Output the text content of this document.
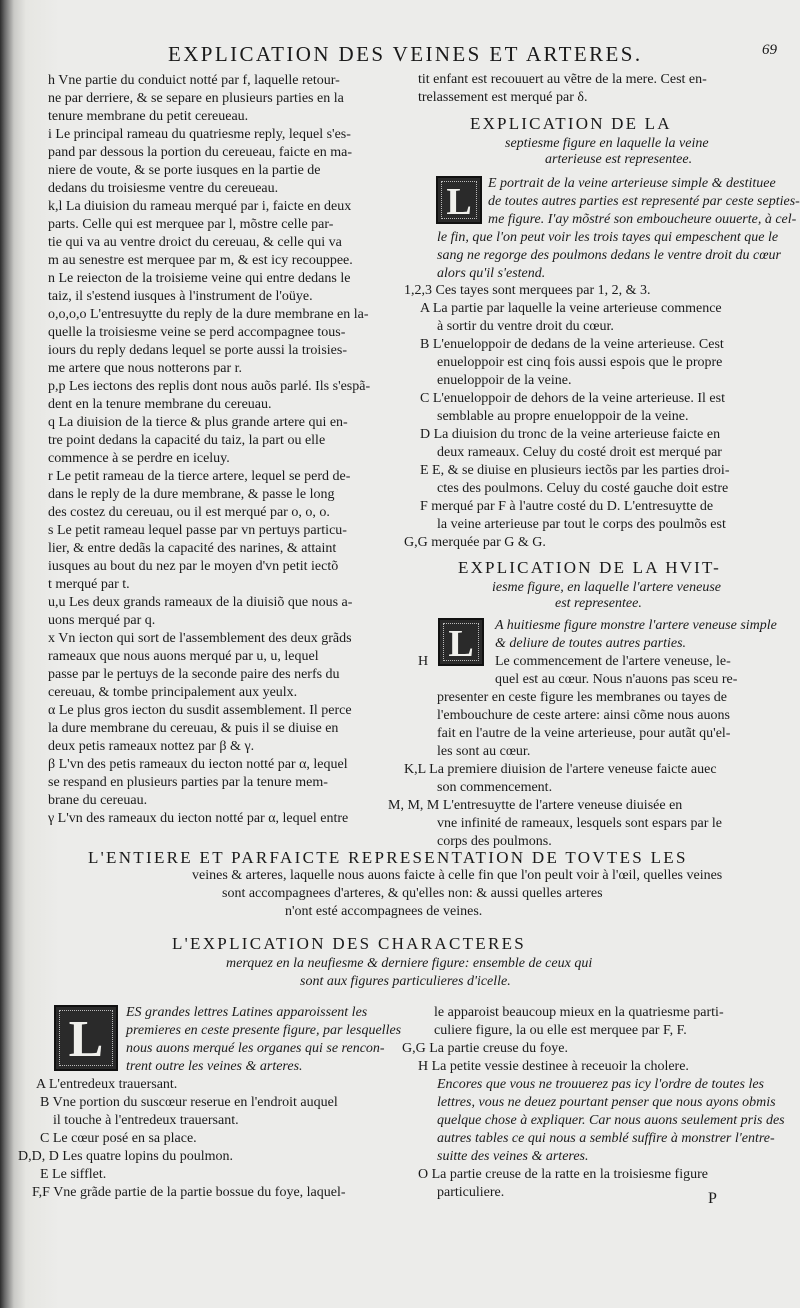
EXPLICATION DES VEINES ET ARTERES.	69

h Vne partie du conduict notté par f, laquelle retour-

ne par derriere, & se separe en plusieurs parties en la

tenure membrane du petit cereueau.

i Le principal rameau du quatriesme reply, lequel s'es-

pand par dessous la portion du cereueau, faicte en ma-

niere de voute, & se porte iusques en la partie de

dedans du troisiesme ventre du cereueau.

k,l La diuision du rameau merqué par i, faicte en deux

parts. Celle qui est merquee par l, mõstre celle par-

tie qui va au ventre droict du cereuau, & celle qui va

m au senestre est merquee par m, & est icy recouppee.

n Le reiecton de la troisieme veine qui entre dedans le

taiz, il s'estend iusques à l'instrument de l'oüye.

o,o,o,o L'entresuytte du reply de la dure membrane en la-

quelle la troisiesme veine se perd accompagnee tous-

iours du reply dedans lequel se porte aussi la troisies-

me artere que nous notterons par r.

p,p Les iectons des replis dont nous auõs parlé. Ils s'espã-

dent en la tenure membrane du cereuau.

q La diuision de la tierce & plus grande artere qui en-

tre point dedans la capacité du taiz, la part ou elle

commence à se perdre en iceluy.

r Le petit rameau de la tierce artere, lequel se perd de-

dans le reply de la dure membrane, & passe le long

des costez du cereuau, ou il est merqué par o, o, o.

s Le petit rameau lequel passe par vn pertuys particu-

lier, & entre dedãs la capacité des narines, & attaint

iusques au bout du nez par le moyen d'vn petit iectõ

t merqué par t.

u,u Les deux grands rameaux de la diuisiõ que nous a-

uons merqué par q.

x Vn iecton qui sort de l'assemblement des deux grãds

rameaux que nous auons merqué par u, u, lequel

passe par le pertuys de la seconde paire des nerfs du

cereuau, & tombe principalement aux yeulx.

α Le plus gros iecton du susdit assemblement. Il perce

la dure membrane du cereuau, & puis il se diuise en

deux petis rameaux nottez par β & γ.

β L'vn des petis rameaux du iecton notté par α, lequel

se respand en plusieurs parties par la tenure mem-

brane du cereuau.

γ L'vn des rameaux du iecton notté par α, lequel entre

tit enfant est recouuert au vẽtre de la mere. Cest en-
trelassement est merqué par δ.
EXPLICATION DE LA
septiesme figure en laquelle la veine
arterieuse est representee.
L	E portrait de la veine arterieuse simple & destituee
de toutes autres parties est representé par ceste septies-
me figure. I'ay mõstré son emboucheure ouuerte, à cel-
le fin, que l'on peut voir les trois tayes qui empeschent que le
sang ne regorge des poulmons dedans le ventre droit du cœur
alors qu'il s'estend.
1,2,3 Ces tayes sont merquees par 1, 2, & 3.
A La partie par laquelle la veine arterieuse commence
à sortir du ventre droit du cœur.
B L'enueloppoir de dedans de la veine arterieuse. Cest
enueloppoir est cinq fois aussi espois que le propre
enueloppoir de la veine.
C L'enueloppoir de dehors de la veine arterieuse. Il est
semblable au propre enueloppoir de la veine.
D La diuision du tronc de la veine arterieuse faicte en
deux rameaux. Celuy du costé droit est merqué par
E E, & se diuise en plusieurs iectõs par les parties droi-
ctes des poulmons. Celuy du costé gauche doit estre
F merqué par F à l'autre costé du D. L'entresuytte de
la veine arterieuse par tout le corps des poulmõs est
G,G merquée par G & G.
EXPLICATION DE LA HVIT-
iesme figure, en laquelle l'artere veneuse
est representee.
L	A huitiesme figure monstre l'artere veneuse simple
& deliure de toutes autres parties.
H	Le commencement de l'artere veneuse, le-
quel est au cœur. Nous n'auons pas sceu re-
presenter en ceste figure les membranes ou tayes de
l'embouchure de ceste artere: ainsi cõme nous auons
fait en l'autre de la veine arterieuse, pour autãt qu'el-
les sont au cœur.
K,L La premiere diuision de l'artere veneuse faicte auec
son commencement.
M, M, M L'entresuytte de l'artere veneuse diuisée en
vne infinité de rameaux, lesquels sont espars par le
corps des poulmons.
L'ENTIERE ET PARFAICTE REPRESENTATION DE TOVTES LES
veines & arteres, laquelle nous auons faicte à celle fin que l'on peult voir à l'œil, quelles veines
sont accompagnees d'arteres, & qu'elles non: & aussi quelles arteres
n'ont esté accompagnees de veines.
L'EXPLICATION DES CHARACTERES
merquez en la neufiesme & derniere figure: ensemble de ceux qui
sont aux figures particulieres d'icelle.
L	ES grandes lettres Latines apparoissent les
premieres en ceste presente figure, par lesquelles
nous auons merqué les organes qui se rencon-
trent outre les veines & arteres.
A L'entredeux trauersant.
B Vne portion du suscœur reserue en l'endroit auquel
il touche à l'entredeux trauersant.
C Le cœur posé en sa place.
D,D, D Les quatre lopins du poulmon.
E Le sifflet.
F,F Vne grãde partie de la partie bossue du foye, laquel-
le apparoist beaucoup mieux en la quatriesme parti-
culiere figure, la ou elle est merquee par F, F.
G,G La partie creuse du foye.
H La petite vessie destinee à receuoir la cholere.
Encores que vous ne trouuerez pas icy l'ordre de toutes les
lettres, vous ne deuez pourtant penser que nous ayons obmis
quelque chose à expliquer. Car nous auons seulement pris des
autres tables ce qui nous a semblé suffire à monstrer l'entre-
suitte des veines & arteres.
O La partie creuse de la ratte en la troisiesme figure
particuliere.	P
